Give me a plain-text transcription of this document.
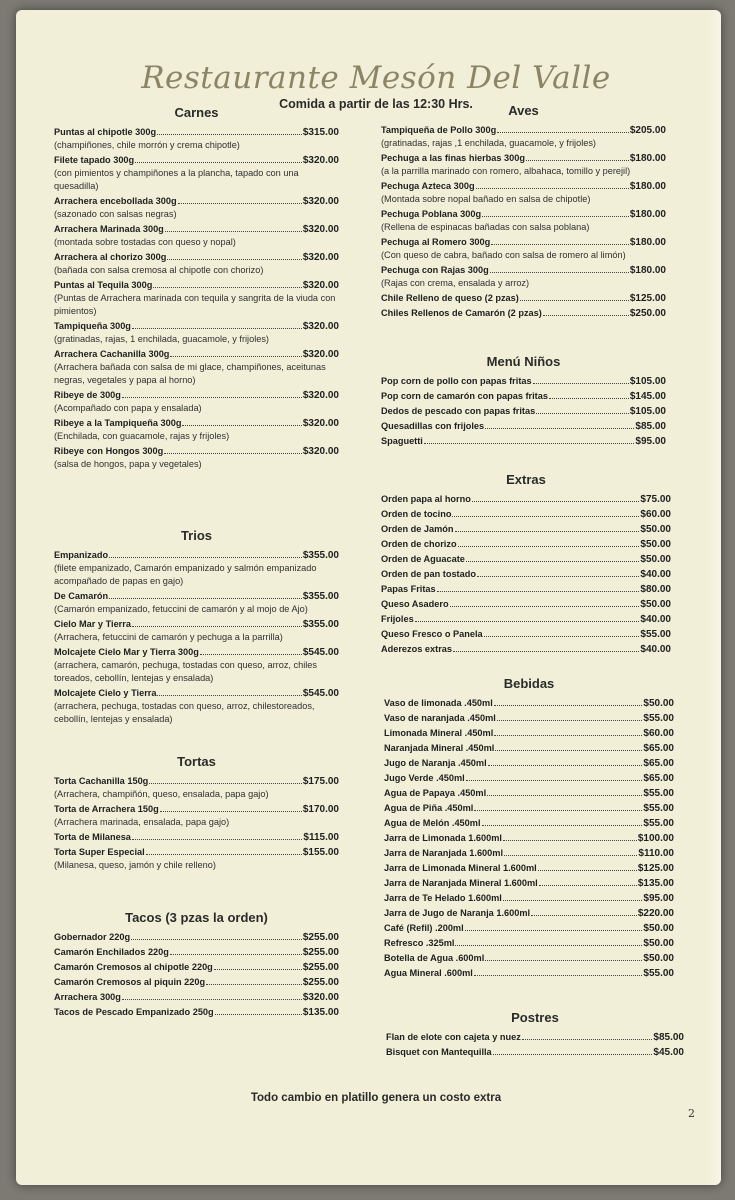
Restaurante Mesón Del Valle
Comida a partir de las 12:30 Hrs.
Carnes
Puntas al chipotle 300g	$315.00
(champiñones, chile morrón y crema chipotle)
Filete tapado 300g	$320.00
(con pimientos y champiñones a la plancha, tapado con una quesadilla)
Arrachera encebollada 300g	$320.00
(sazonado con salsas negras)
Arrachera Marinada 300g	$320.00
(montada sobre tostadas con queso y nopal)
Arrachera al chorizo 300g	$320.00
(bañada con salsa cremosa al chipotle con chorizo)
Puntas al Tequila 300g	$320.00
(Puntas de Arrachera marinada con tequila y sangrita de la viuda con pimientos)
Tampiqueña 300g	$320.00
(gratinadas, rajas, 1 enchilada, guacamole, y frijoles)
Arrachera Cachanilla 300g	$320.00
(Arrachera bañada con salsa de mi glace, champiñones, aceitunas negras, vegetales y papa al horno)
Ribeye de 300g	$320.00
(Acompañado con papa y ensalada)
Ribeye a la Tampiqueña 300g	$320.00
(Enchilada, con guacamole, rajas y frijoles)
Ribeye con Hongos 300g	$320.00
(salsa de hongos, papa y vegetales)
Trios
Empanizado	$355.00
(filete empanizado, Camarón empanizado y salmón empanizado acompañado de papas en gajo)
De Camarón	$355.00
(Camarón empanizado, fetuccini de camarón y al mojo de Ajo)
Cielo Mar y Tierra	$355.00
(Arrachera, fetuccini de camarón y pechuga a la parrilla)
Molcajete Cielo Mar y Tierra 300g	$545.00
(arrachera, camarón, pechuga, tostadas con queso, arroz, chiles toreados, cebollín, lentejas y ensalada)
Molcajete Cielo y Tierra	$545.00
(arrachera, pechuga, tostadas con queso, arroz, chilestoreados, cebollín, lentejas y ensalada)
Tortas
Torta Cachanilla 150g	$175.00
(Arrachera, champiñón, queso, ensalada, papa gajo)
Torta de Arrachera 150g	$170.00
(Arrachera marinada, ensalada, papa gajo)
Torta de Milanesa	$115.00
Torta Super Especial	$155.00
(Milanesa, queso, jamón y chile relleno)
Tacos (3 pzas la orden)
Gobernador 220g	$255.00
Camarón Enchilados 220g	$255.00
Camarón Cremosos al chipotle 220g	$255.00
Camarón Cremosos al piquin 220g	$255.00
Arrachera 300g	$320.00
Tacos de Pescado Empanizado 250g	$135.00
Aves
Tampiqueña de Pollo 300g	$205.00
(gratinadas, rajas ,1 enchilada, guacamole, y frijoles)
Pechuga a las finas hierbas 300g	$180.00
(a la parrilla marinado con romero, albahaca, tomillo y perejil)
Pechuga Azteca 300g	$180.00
(Montada sobre nopal bañado en salsa de chipotle)
Pechuga Poblana 300g	$180.00
(Rellena de espinacas bañadas con salsa poblana)
Pechuga al Romero 300g	$180.00
(Con queso de cabra, bañado con salsa de romero al limón)
Pechuga con Rajas 300g	$180.00
(Rajas con crema, ensalada y arroz)
Chile Relleno de queso (2 pzas)	$125.00
Chiles Rellenos de Camarón (2 pzas)	$250.00
Menú Niños
Pop corn de pollo con papas fritas	$105.00
Pop corn de camarón con papas fritas	$145.00
Dedos de pescado con papas fritas	$105.00
Quesadillas con frijoles	$85.00
Spaguetti	$95.00
Extras
Orden papa al horno	$75.00
Orden de tocino	$60.00
Orden de Jamón	$50.00
Orden de chorizo	$50.00
Orden de Aguacate	$50.00
Orden de pan tostado	$40.00
Papas Fritas	$80.00
Queso Asadero	$50.00
Frijoles	$40.00
Queso Fresco o Panela	$55.00
Aderezos extras	$40.00
Bebidas
Vaso de limonada .450ml	$50.00
Vaso de naranjada .450ml	$55.00
Limonada Mineral .450ml	$60.00
Naranjada Mineral .450ml	$65.00
Jugo de Naranja .450ml	$65.00
Jugo Verde .450ml	$65.00
Agua de Papaya .450ml	$55.00
Agua de Piña .450ml	$55.00
Agua de Melón .450ml	$55.00
Jarra de Limonada 1.600ml	$100.00
Jarra de Naranjada 1.600ml	$110.00
Jarra de Limonada Mineral 1.600ml	$125.00
Jarra de Naranjada Mineral 1.600ml	$135.00
Jarra de Te Helado 1.600ml	$95.00
Jarra de Jugo de Naranja 1.600ml	$220.00
Café (Refil) .200ml	$50.00
Refresco .325ml	$50.00
Botella de Agua .600ml	$50.00
Agua Mineral .600ml	$55.00
Postres
Flan de elote con cajeta y nuez	$85.00
Bisquet con Mantequilla	$45.00
Todo cambio en platillo genera un costo extra
2
